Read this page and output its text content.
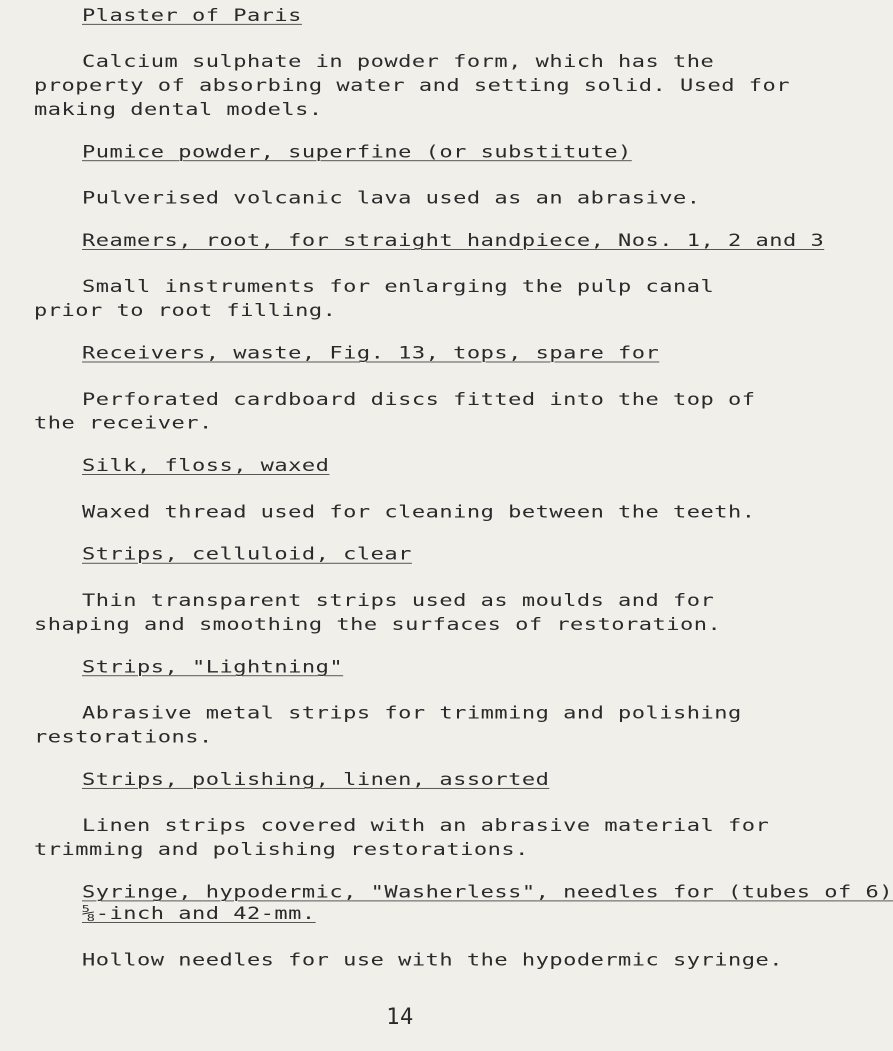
Plaster of Paris
Calcium sulphate in powder form, which has the property of absorbing water and setting solid. Used for making dental models.
Pumice powder, superfine (or substitute)
Pulverised volcanic lava used as an abrasive.
Reamers, root, for straight handpiece, Nos. 1, 2 and 3
Small instruments for enlarging the pulp canal prior to root filling.
Receivers, waste, Fig. 13, tops, spare for
Perforated cardboard discs fitted into the top of the receiver.
Silk, floss, waxed
Waxed thread used for cleaning between the teeth.
Strips, celluloid, clear
Thin transparent strips used as moulds and for shaping and smoothing the surfaces of restoration.
Strips, "Lightning"
Abrasive metal strips for trimming and polishing restorations.
Strips, polishing, linen, assorted
Linen strips covered with an abrasive material for trimming and polishing restorations.
Syringe, hypodermic, "Washerless", needles for (tubes of 6)
⅝-inch and 42-mm.
Hollow needles for use with the hypodermic syringe.
14
